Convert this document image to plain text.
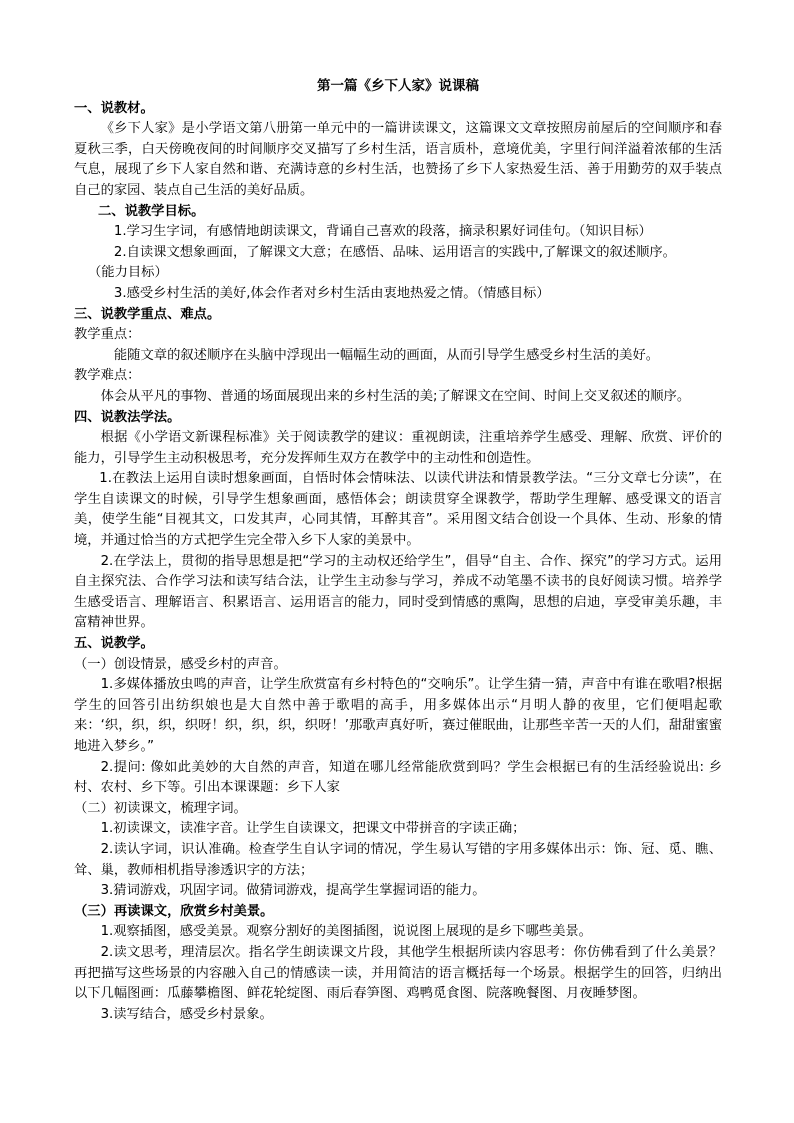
第一篇《乡下人家》说课稿
一、说教材。
《乡下人家》是小学语文第八册第一单元中的一篇讲读课文，这篇课文文章按照房前屋后的空间顺序和春夏秋三季，白天傍晚夜间的时间顺序交叉描写了乡村生活，语言质朴，意境优美，字里行间洋溢着浓郁的生活气息，展现了乡下人家自然和谐、充满诗意的乡村生活，也赞扬了乡下人家热爱生活、善于用勤劳的双手装点自己的家园、装点自己生活的美好品质。
二、说教学目标。
1.学习生字词，有感情地朗读课文，背诵自己喜欢的段落，摘录积累好词佳句。（知识目标）
2.自读课文想象画面，了解课文大意；在感悟、品味、运用语言的实践中,了解课文的叙述顺序。
（能力目标）
3.感受乡村生活的美好,体会作者对乡村生活由衷地热爱之情。（情感目标）
三、说教学重点、难点。
教学重点：
能随文章的叙述顺序在头脑中浮现出一幅幅生动的画面，从而引导学生感受乡村生活的美好。
教学难点：
体会从平凡的事物、普通的场面展现出来的乡村生活的美;了解课文在空间、时间上交叉叙述的顺序。
四、说教法学法。
根据《小学语文新课程标准》关于阅读教学的建议：重视朗读，注重培养学生感受、理解、欣赏、评价的能力，引导学生主动积极思考，充分发挥师生双方在教学中的主动性和创造性。
1.在教法上运用自读时想象画面，自悟时体会情味法、以读代讲法和情景教学法。“三分文章七分读”，在学生自读课文的时候，引导学生想象画面，感悟体会；朗读贯穿全课教学，帮助学生理解、感受课文的语言美，使学生能“目视其文，口发其声，心同其情，耳醉其音”。采用图文结合创设一个具体、生动、形象的情境，并通过恰当的方式把学生完全带入乡下人家的美景中。
2.在学法上，贯彻的指导思想是把“学习的主动权还给学生”，倡导“自主、合作、探究”的学习方式。运用自主探究法、合作学习法和读写结合法，让学生主动参与学习，养成不动笔墨不读书的良好阅读习惯。培养学生感受语言、理解语言、积累语言、运用语言的能力，同时受到情感的熏陶，思想的启迪，享受审美乐趣，丰富精神世界。
五、说教学。
（一）创设情景，感受乡村的声音。
1.多媒体播放虫鸣的声音，让学生欣赏富有乡村特色的“交响乐”。让学生猜一猜，声音中有谁在歌唱?根据学生的回答引出纺织娘也是大自然中善于歌唱的高手，用多媒体出示“月明人静的夜里，它们便唱起歌来：‘织，织，织，织呀！织，织，织，织呀！’那歌声真好听，赛过催眠曲，让那些辛苦一天的人们，甜甜蜜蜜地进入梦乡。”
2.提问: 像如此美妙的大自然的声音，知道在哪儿经常能欣赏到吗？学生会根据已有的生活经验说出: 乡村、农村、乡下等。引出本课课题：乡下人家
（二）初读课文，梳理字词。
1.初读课文，读准字音。让学生自读课文，把课文中带拼音的字读正确；
2.读认字词，识认准确。检查学生自认字词的情况，学生易认写错的字用多媒体出示：饰、冠、觅、瞧、耸、巢，教师相机指导渗透识字的方法；
3.猜词游戏，巩固字词。做猜词游戏，提高学生掌握词语的能力。
（三）再读课文，欣赏乡村美景。
1.观察插图，感受美景。观察分割好的美图插图，说说图上展现的是乡下哪些美景。
2.读文思考，理清层次。指名学生朗读课文片段，其他学生根据所读内容思考：你仿佛看到了什么美景？再把描写这些场景的内容融入自己的情感读一读，并用简洁的语言概括每一个场景。根据学生的回答，归纳出以下几幅图画：瓜藤攀檐图、鲜花轮绽图、雨后春笋图、鸡鸭觅食图、院落晚餐图、月夜睡梦图。
3.读写结合，感受乡村景象。
